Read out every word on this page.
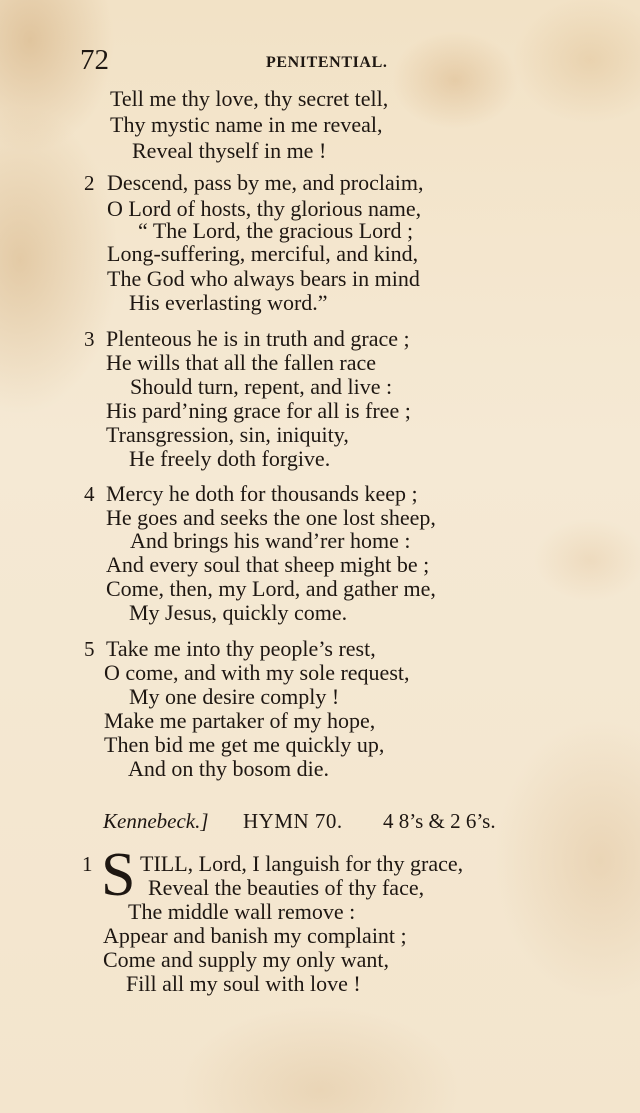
72	PENITENTIAL.
Tell me thy love, thy secret tell,
Thy mystic name in me reveal,
Reveal thyself in me !
2 Descend, pass by me, and proclaim,
O Lord of hosts, thy glorious name,
“ The Lord, the gracious Lord ;
Long-suffering, merciful, and kind,
The God who always bears in mind
His everlasting word.”
3 Plenteous he is in truth and grace ;
He wills that all the fallen race
Should turn, repent, and live :
His pard’ning grace for all is free ;
Transgression, sin, iniquity,
He freely doth forgive.
4 Mercy he doth for thousands keep ;
He goes and seeks the one lost sheep,
And brings his wand’rer home :
And every soul that sheep might be ;
Come, then, my Lord, and gather me,
My Jesus, quickly come.
5 Take me into thy people’s rest,
O come, and with my sole request,
My one desire comply !
Make me partaker of my hope,
Then bid me get me quickly up,
And on thy bosom die.
Kennebeck.] HYMN 70. 4 8’s & 2 6’s.
1 S TILL, Lord, I languish for thy grace,
Reveal the beauties of thy face,
The middle wall remove :
Appear and banish my complaint ;
Come and supply my only want,
Fill all my soul with love !
